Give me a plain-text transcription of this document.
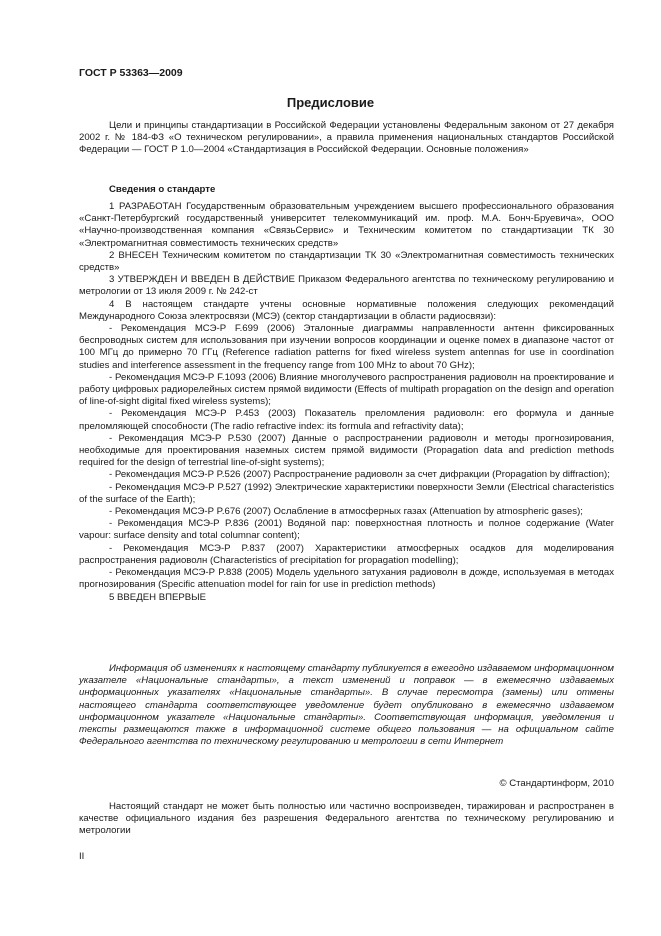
ГОСТ Р 53363—2009
Предисловие

Цели и принципы стандартизации в Российской Федерации установлены Федеральным законом от 27 декабря 2002 г. № 184-ФЗ «О техническом регулировании», а правила применения национальных стандартов Российской Федерации — ГОСТ Р 1.0—2004 «Стандартизация в Российской Федерации. Основные положения»

Сведения о стандарте

1 РАЗРАБОТАН Государственным образовательным учреждением высшего профессионального образования «Санкт-Петербургский государственный университет телекоммуникаций им. проф. М.А. Бонч-Бруевича», ООО «Научно-производственная компания «СвязьСервис» и Техническим комитетом по стандартизации ТК 30 «Электромагнитная совместимость технических средств»

2 ВНЕСЕН Техническим комитетом по стандартизации ТК 30 «Электромагнитная совместимость технических средств»

3 УТВЕРЖДЕН И ВВЕДЕН В ДЕЙСТВИЕ Приказом Федерального агентства по техническому регулированию и метрологии от 13 июля 2009 г. № 242-ст

4 В настоящем стандарте учтены основные нормативные положения следующих рекомендаций Международного Союза электросвязи (МСЭ) (сектор стандартизации в области радиосвязи):

- Рекомендация МСЭ-Р F.699 (2006) Эталонные диаграммы направленности антенн фиксированных беспроводных систем для использования при изучении вопросов координации и оценке помех в диапазоне частот от 100 МГц до примерно 70 ГГц (Reference radiation patterns for fixed wireless system antennas for use in coordination studies and interference assessment in the frequency range from 100 MHz to about 70 GHz);

- Рекомендация МСЭ-Р F.1093 (2006) Влияние многолучевого распространения радиоволн на проектирование и работу цифровых радиорелейных систем прямой видимости (Effects of multipath propagation on the design and operation of line-of-sight digital fixed wireless systems);

- Рекомендация МСЭ-Р P.453 (2003) Показатель преломления радиоволн: его формула и данные преломляющей способности (The radio refractive index: its formula and refractivity data);

- Рекомендация МСЭ-Р P.530 (2007) Данные о распространении радиоволн и методы прогнозирования, необходимые для проектирования наземных систем прямой видимости (Propagation data and prediction methods required for the design of terrestrial line-of-sight systems);

- Рекомендация МСЭ-Р P.526 (2007) Распространение радиоволн за счет дифракции (Propagation by diffraction);

- Рекомендация МСЭ-Р P.527 (1992) Электрические характеристики поверхности Земли (Electrical characteristics of the surface of the Earth);

- Рекомендация МСЭ-Р P.676 (2007) Ослабление в атмосферных газах (Attenuation by atmospheric gases);

- Рекомендация МСЭ-Р P.836 (2001) Водяной пар: поверхностная плотность и полное содержание (Water vapour: surface density and total columnar content);

- Рекомендация МСЭ-Р P.837 (2007) Характеристики атмосферных осадков для моделирования распространения радиоволн (Characteristics of precipitation for propagation modelling);

- Рекомендация МСЭ-Р P.838 (2005) Модель удельного затухания радиоволн в дожде, используемая в методах прогнозирования (Specific attenuation model for rain for use in prediction methods)

5 ВВЕДЕН ВПЕРВЫЕ

Информация об изменениях к настоящему стандарту публикуется в ежегодно издаваемом информационном указателе «Национальные стандарты», а текст изменений и поправок — в ежемесячно издаваемых информационных указателях «Национальные стандарты». В случае пересмотра (замены) или отмены настоящего стандарта соответствующее уведомление будет опубликовано в ежемесячно издаваемом информационном указателе «Национальные стандарты». Соответствующая информация, уведомления и тексты размещаются также в информационной системе общего пользования — на официальном сайте Федерального агентства по техническому регулированию и метрологии в сети Интернет

© Стандартинформ, 2010

Настоящий стандарт не может быть полностью или частично воспроизведен, тиражирован и распространен в качестве официального издания без разрешения Федерального агентства по техническому регулированию и метрологии

II
